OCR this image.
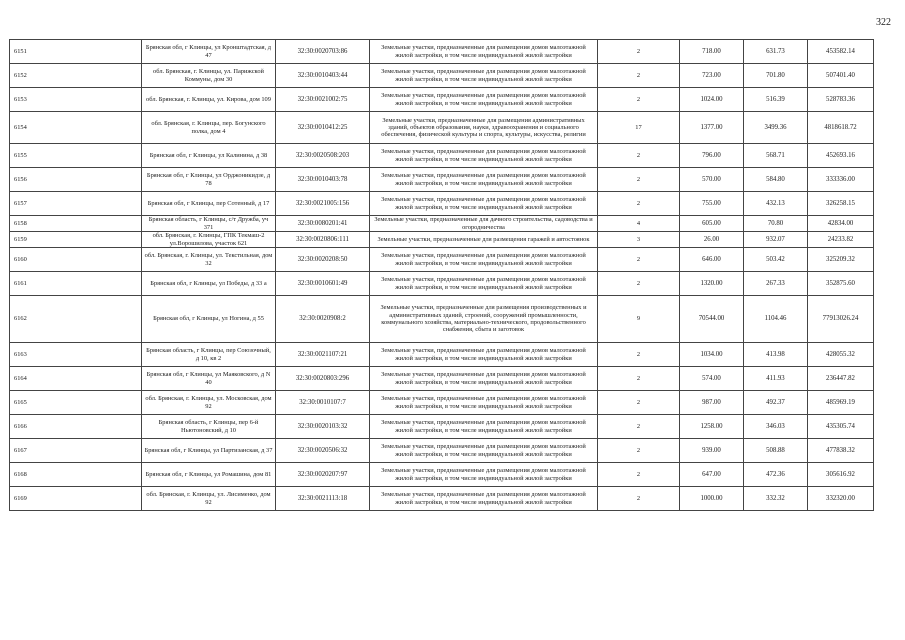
322
6151	Брянская обл, г Клинцы, ул Кронштадтская, д 47	32:30:0020703:86	Земельные участки, предназначенные для размещения домов малоэтажной жилой застройки, в том числе индивидуальной жилой застройки	2	718.00	631.73	453582.14
6152	обл. Брянская, г. Клинцы, ул. Парижской Коммуны, дом 30	32:30:0010403:44	Земельные участки, предназначенные для размещения домов малоэтажной жилой застройки, в том числе индивидуальной жилой застройки	2	723.00	701.80	507401.40
6153	обл. Брянская, г. Клинцы, ул. Кирова, дом 109	32:30:0021002:75	Земельные участки, предназначенные для размещения домов малоэтажной жилой застройки, в том числе индивидуальной жилой застройки	2	1024.00	516.39	528783.36
6154	обл. Брянская, г. Клинцы, пер. Богунского полка, дом 4	32:30:0010412:25	Земельные участки, предназначенные для размещения административных зданий, объектов образования, науки, здравоохранения и социального обеспечения, физической культуры и спорта, культуры, искусства, религии	17	1377.00	3499.36	4818618.72
6155	Брянская обл, г Клинцы, ул Калинина, д 38	32:30:0020508:203	Земельные участки, предназначенные для размещения домов малоэтажной жилой застройки, в том числе индивидуальной жилой застройки	2	796.00	568.71	452693.16
6156	Брянская обл, г Клинцы, ул Орджоникидзе, д 78	32:30:0010403:78	Земельные участки, предназначенные для размещения домов малоэтажной жилой застройки, в том числе индивидуальной жилой застройки	2	570.00	584.80	333336.00
6157	Брянская обл, г Клинцы, пер Сотенный, д 17	32:30:0021005:156	Земельные участки, предназначенные для размещения домов малоэтажной жилой застройки, в том числе индивидуальной жилой застройки	2	755.00	432.13	326258.15
6158	Брянская область, г Клинцы, с/т Дружба, уч 371	32:30:0080201:41	Земельные участки, предназначенные для дачного строительства, садоводства и огородничества	4	605.00	70.80	42834.00
6159	обл. Брянская, г. Клинцы, ГПК Текмаш-2 ул.Ворошилова, участок 621	32:30:0020806:111	Земельные участки, предназначенные для размещения гаражей и автостоянок	3	26.00	932.07	24233.82
6160	обл. Брянская, г. Клинцы, ул. Текстильная, дом 32	32:30:0020208:50	Земельные участки, предназначенные для размещения домов малоэтажной жилой застройки, в том числе индивидуальной жилой застройки	2	646.00	503.42	325209.32
6161	Брянская обл, г Клинцы, ул Победы, д 33 а	32:30:0010601:49	Земельные участки, предназначенные для размещения домов малоэтажной жилой застройки, в том числе индивидуальной жилой застройки	2	1320.00	267.33	352875.60
6162	Брянская обл, г Клинцы, ул Ногина, д 55	32:30:0020908:2	Земельные участки, предназначенные для размещения производственных и административных зданий, строений, сооружений промышленности, коммунального хозяйства, материально-технического, продовольственного снабжения, сбыта и заготовок	9	70544.00	1104.46	77913026.24
6163	Брянская область, г Клинцы, пер Союзочный, д 10, кв 2	32:30:0021107:21	Земельные участки, предназначенные для размещения домов малоэтажной жилой застройки, в том числе индивидуальной жилой застройки	2	1034.00	413.98	428055.32
6164	Брянская обл, г Клинцы, ул Маяковского, д N 40	32:30:0020803:296	Земельные участки, предназначенные для размещения домов малоэтажной жилой застройки, в том числе индивидуальной жилой застройки	2	574.00	411.93	236447.82
6165	обл. Брянская, г. Клинцы, ул. Московская, дом 92	32:30:0010107:7	Земельные участки, предназначенные для размещения домов малоэтажной жилой застройки, в том числе индивидуальной жилой застройки	2	987.00	492.37	485969.19
6166	Брянская область, г Клинцы, пер 6-й Ньютоновский, д 10	32:30:0020103:32	Земельные участки, предназначенные для размещения домов малоэтажной жилой застройки, в том числе индивидуальной жилой застройки	2	1258.00	346.03	435305.74
6167	Брянская обл, г Клинцы, ул Партизанская, д 37	32:30:0020506:32	Земельные участки, предназначенные для размещения домов малоэтажной жилой застройки, в том числе индивидуальной жилой застройки	2	939.00	508.88	477838.32
6168	Брянская обл, г Клинцы, ул Ромашина, дом 81	32:30:0020207:97	Земельные участки, предназначенные для размещения домов малоэтажной жилой застройки, в том числе индивидуальной жилой застройки	2	647.00	472.36	305616.92
6169	обл. Брянская, г. Клинцы, ул. Лисименко, дом 92	32:30:0021113:18	Земельные участки, предназначенные для размещения домов малоэтажной жилой застройки, в том числе индивидуальной жилой застройки	2	1000.00	332.32	332320.00
